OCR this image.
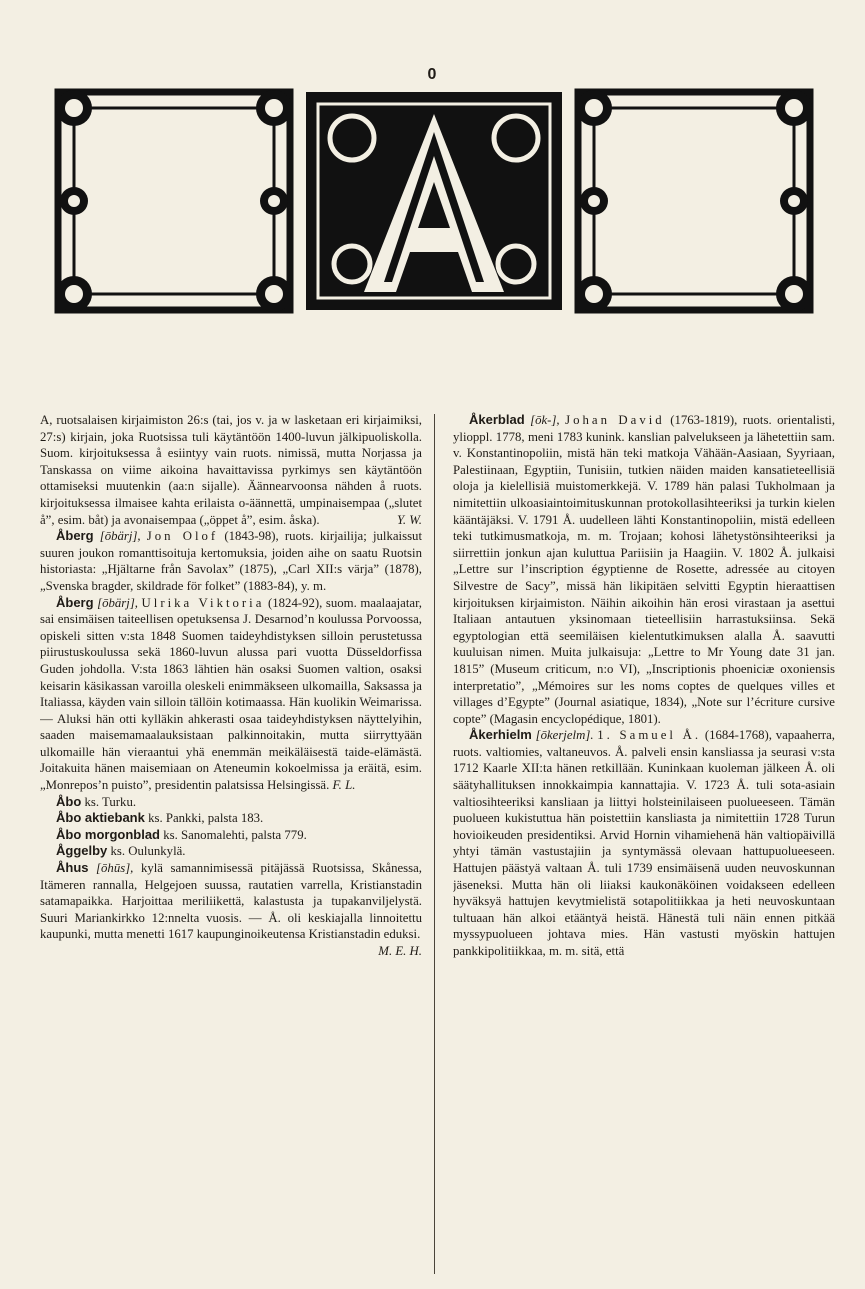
0

A, ruotsalaisen kirjaimiston 26:s (tai, jos v. ja w lasketaan eri kirjaimiksi, 27:s) kirjain, joka Ruotsissa tuli käytäntöön 1400-luvun jälkipuoliskolla. Suom. kirjoituksessa å esiintyy vain ruots. nimissä, mutta Norjassa ja Tanskassa on viime aikoina havaittavissa pyrkimys sen käytäntöön ottamiseksi muutenkin (aa:n sijalle). Äännearvoonsa nähden å ruots. kirjoituksessa ilmaisee kahta erilaista o-äännettä, umpinaisempaa („slutet å”, esim. båt) ja avonaisempaa („öppet å”, esim. åska).	Y. W.

Åberg [ōbärj], Jon Olof (1843-98), ruots. kirjailija; julkaissut suuren joukon romanttisoituja kertomuksia, joiden aihe on saatu Ruotsin historiasta: „Hjältarne från Savolax” (1875), „Carl XII:s värja” (1878), „Svenska bragder, skildrade för folket” (1883-84), y. m.

Åberg [ōbärj], Ulrika Viktoria (1824-92), suom. maalaajatar, sai ensimäisen taiteellisen opetuksensa J. Desarnod’n koulussa Porvoossa, opiskeli sitten v:sta 1848 Suomen taideyhdistyksen silloin perustetussa piirustuskoulussa sekä 1860-luvun alussa pari vuotta Düsseldorfissa Guden johdolla. V:sta 1863 lähtien hän osaksi Suomen valtion, osaksi keisarin käsikassan varoilla oleskeli enimmäkseen ulkomailla, Saksassa ja Italiassa, käyden vain silloin tällöin kotimaassa. Hän kuolikin Weimarissa. — Aluksi hän otti kylläkin ahkerasti osaa taideyhdistyksen näyttelyihin, saaden maisemamaalauksistaan palkinnoitakin, mutta siirryttyään ulkomaille hän vieraantui yhä enemmän meikäläisestä taide-elämästä. Joitakuita hänen maisemiaan on Ateneumin kokoelmissa ja eräitä, esim. „Monrepos’n puisto”, presidentin palatsissa Helsingissä. F. L.

Åbo ks. Turku.

Åbo aktiebank ks. Pankki, palsta 183.

Åbo morgonblad ks. Sanomalehti, palsta 779.

Åggelby ks. Oulunkylä.

Åhus [ōhūs], kylä samannimisessä pitäjässä Ruotsissa, Skånessa, Itämeren rannalla, Helgejoen suussa, rautatien varrella, Kristianstadin satamapaikka. Harjoittaa meriliikettä, kalastusta ja tupakanviljelystä. Suuri Mariankirkko 12:nnelta vuosis. — Å. oli keskiajalla linnoitettu kaupunki, mutta menetti 1617 kaupunginoikeutensa Kristianstadin eduksi.
M. E. H.

Åkerblad [ōk-], Johan David (1763-1819), ruots. orientalisti, ylioppl. 1778, meni 1783 kunink. kanslian palvelukseen ja lähetettiin sam. v. Konstantinopoliin, mistä hän teki matkoja Vähään-Aasiaan, Syyriaan, Palestiinaan, Egyptiin, Tunisiin, tutkien näiden maiden kansatieteellisiä oloja ja kielellisiä muistomerkkejä. V. 1789 hän palasi Tukholmaan ja nimitettiin ulkoasiaintoimituskunnan protokollasihteeriksi ja turkin kielen kääntäjäksi. V. 1791 Å. uudelleen lähti Konstantinopoliin, mistä edelleen teki tutkimusmatkoja, m. m. Trojaan; kohosi lähetystönsihteeriksi ja siirrettiin jonkun ajan kuluttua Pariisiin ja Haagiin. V. 1802 Å. julkaisi „Lettre sur l’inscription égyptienne de Rosette, adressée au citoyen Silvestre de Sacy”, missä hän likipitäen selvitti Egyptin hieraattisen kirjoituksen kirjaimiston. Näihin aikoihin hän erosi virastaan ja asettui Italiaan antautuen yksinomaan tieteellisiin harrastuksiinsa. Sekä egyptologian että seemiläisen kielentutkimuksen alalla Å. saavutti kuuluisan nimen. Muita julkaisuja: „Lettre to Mr Young date 31 jan. 1815” (Museum criticum, n:o VI), „Inscriptionis phoeniciæ oxoniensis interpretatio”, „Mémoires sur les noms coptes de quelques villes et villages d’Egypte” (Journal asiatique, 1834), „Note sur l’écriture cursive copte” (Magasin encyclopédique, 1801).

Åkerhielm [ōkerjelm]. 1. Samuel Å. (1684-1768), vapaaherra, ruots. valtiomies, valtaneuvos. Å. palveli ensin kansliassa ja seurasi v:sta 1712 Kaarle XII:ta hänen retkillään. Kuninkaan kuoleman jälkeen Å. oli säätyhallituksen innokkaimpia kannattajia. V. 1723 Å. tuli sota-asiain valtiosihteeriksi kansliaan ja liittyi holsteinilaiseen puolueeseen. Tämän puolueen kukistuttua hän poistettiin kansliasta ja nimitettiin 1728 Turun hovioikeuden presidentiksi. Arvid Hornin vihamiehenä hän valtiopäivillä yhtyi tämän vastustajiin ja syntymässä olevaan hattupuolueeseen. Hattujen päästyä valtaan Å. tuli 1739 ensimäisenä uuden neuvoskunnan jäseneksi. Mutta hän oli liiaksi kaukonäköinen voidakseen edelleen hyväksyä hattujen kevytmielistä sotapolitiikkaa ja heti neuvoskuntaan tultuaan hän alkoi etääntyä heistä. Hänestä tuli näin ennen pitkää myssypuolueen johtava mies. Hän vastusti myöskin hattujen pankkipolitiikkaa, m. m. sitä, että
